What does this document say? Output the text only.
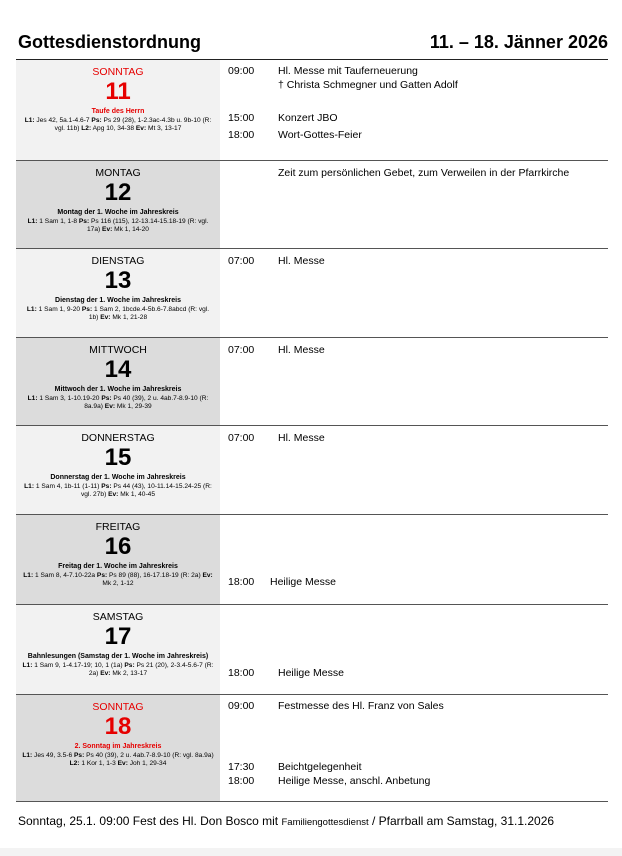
Gottesdienstordnung	11. – 18. Jänner 2026
SONNTAG
11
Taufe des Herrn
L1: Jes 42, 5a.1-4.6-7 Ps: Ps 29 (28), 1-2.3ac-4.3b u. 9b-10 (R: vgl. 11b) L2: Apg 10, 34-38 Ev: Mt 3, 13-17
09:00	Hl. Messe mit Tauferneuerung
† Christa Schmegner und Gatten Adolf
15:00	Konzert JBO
18:00	Wort-Gottes-Feier
MONTAG
12
Montag der 1. Woche im Jahreskreis
L1: 1 Sam 1, 1-8 Ps: Ps 116 (115), 12-13.14-15.18-19 (R: vgl. 17a) Ev: Mk 1, 14-20
Zeit zum persönlichen Gebet, zum Verweilen in der Pfarrkirche
DIENSTAG
13
Dienstag der 1. Woche im Jahreskreis
L1: 1 Sam 1, 9-20 Ps: 1 Sam 2, 1bcde.4-5b.6-7.8abcd (R: vgl. 1b) Ev: Mk 1, 21-28
07:00	Hl. Messe
MITTWOCH
14
Mittwoch der 1. Woche im Jahreskreis
L1: 1 Sam 3, 1-10.19-20 Ps: Ps 40 (39), 2 u. 4ab.7-8.9-10 (R: 8a.9a) Ev: Mk 1, 29-39
07:00	Hl. Messe
DONNERSTAG
15
Donnerstag der 1. Woche im Jahreskreis
L1: 1 Sam 4, 1b-11 (1-11) Ps: Ps 44 (43), 10-11.14-15.24-25 (R: vgl. 27b) Ev: Mk 1, 40-45
07:00	Hl. Messe
FREITAG
16
Freitag der 1. Woche im Jahreskreis
L1: 1 Sam 8, 4-7.10-22a Ps: Ps 89 (88), 16-17.18-19 (R: 2a) Ev: Mk 2, 1-12	18:00	Heilige Messe
SAMSTAG
17
Bahnlesungen (Samstag der 1. Woche im Jahreskreis)
L1: 1 Sam 9, 1-4.17-19; 10, 1 (1a) Ps: Ps 21 (20), 2-3.4-5.6-7 (R: 2a) Ev: Mk 2, 13-17	18:00	Heilige Messe
SONNTAG
18
2. Sonntag im Jahreskreis
L1: Jes 49, 3.5-6 Ps: Ps 40 (39), 2 u. 4ab.7-8.9-10 (R: vgl. 8a.9a) L2: 1 Kor 1, 1-3 Ev: Joh 1, 29-34
09:00	Festmesse des Hl. Franz von Sales
17:30	Beichtgelegenheit
18:00	Heilige Messe, anschl. Anbetung
Sonntag, 25.1. 09:00 Fest des Hl. Don Bosco mit Familiengottesdienst / Pfarrball am Samstag, 31.1.2026
